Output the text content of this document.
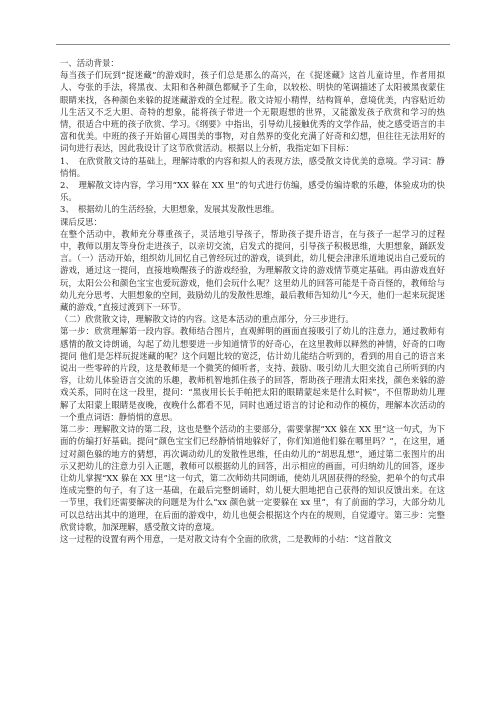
一、活动背景：

每当孩子们玩到“捉迷藏”的游戏时，孩子们总是那么的高兴，在《捉迷藏》这首儿童诗里，作者用拟人、夸张的手法，将黑夜、太阳和各种颜色都赋予了生命，以较松、明快的笔调描述了太阳被黑夜蒙住眼睛来找，各种颜色来躲的捉迷藏游戏的全过程。散文诗短小精悍，结构简单，意境优美，内容贴近幼儿生活又不乏大胆、奇特的想象，能将孩子带进一个无限遐想的世界，又能激发孩子欣赏和学习的热情，很适合中班的孩子欣赏、学习。《纲要》中指出，引导幼儿接触优秀的文学作品，使之感受语言的丰富和优美。中班的孩子开始留心周围美的事物，对自然界的变化充满了好奇和幻想，但往往无法用好的词句进行表达，因此我设计了这节欣赏活动。根据以上分析，我指定如下目标：

1、　在欣赏散文诗的基础上，理解诗歌的内容和拟人的表现方法，感受散文诗优美的意境。学习词：静悄悄。

2、　理解散文诗内容，学习用“XX 躲在 XX 里”的句式进行仿编，感受仿编诗歌的乐趣，体验成功的快乐。

3、　根据幼儿的生活经验，大胆想象，发展其发散性思维。

课后反思：

在整个活动中，教师充分尊重孩子，灵活地引导孩子，帮助孩子提升语言，在与孩子一起学习的过程中，教师以朋友等身份走进孩子，以亲切交流，启发式的提问，引导孩子积极思维，大胆想象，踊跃发言。（一）活动开始，组织幼儿回忆自己曾经玩过的游戏，谈到此，幼儿便会津津乐道地说出自己爱玩的游戏，通过这一提问，直接地唤醒孩子的游戏经验，为理解散文诗的游戏情节奠定基础。再由游戏直好玩，太阳公公和颜色宝宝也爱玩游戏，他们会玩什么呢？这里幼儿的回答可能是千奇百怪的，教师给与幼儿充分思考、大胆想象的空间，鼓励幼儿的发散性思维，最后教师告知幼儿“今天，他们一起来玩捉迷藏的游戏，”直接过渡到下一环节。

（二）欣赏散文诗，理解散文诗的内容。这是本活动的重点部分，分三步进行。

第一步：欣赏理解第一段内容。教师结合图片，直观鲜明的画面直接吸引了幼儿的注意力，通过教师有感情的散文诗朗诵，勾起了幼儿想要进一步知道情节的好奇心，在这里教师以释然的神情，好奇的口吻提问 他们是怎样玩捉迷藏的呢？这个问题比较的宽泛，估计幼儿能结合听到的，看到的用自己的语言来说出一些零碎的片段，这是教师是一个微笑的倾听者，支持、鼓励、吸引幼儿大胆交流自己所听到的内容，让幼儿体验语言交流的乐趣，教师机智地抓住孩子的回答，帮助孩子理清太阳来找，颜色来躲的游戏关系，同时在这一段里，提问：“黑夜用长长手帕把太阳的眼睛蒙起来是什么时候”，不但帮助幼儿理解了太阳蒙上眼睛是夜晚，夜晚什么都看不见，同时也通过语言的讨论和动作的模仿，理解本次活动的一个重点词语：静悄悄的意思。

第二步：理解散文诗的第二段，这也是整个活动的主要部分，需要掌握“XX 躲在 XX 里”这一句式，为下面的仿编打好基础。提问“颜色宝宝们已经静悄悄地躲好了，你们知道他们躲在哪里吗？”，在这里，通过对颜色躲的地方的猜想，再次调动幼儿的发散性思维，任由幼儿的“胡思乱想”，通过第二张图片的出示又把幼儿的注意力引入正题，教师可以根据幼儿的回答，出示相应的画面，可归纳幼儿的回答，逐步让幼儿掌握“XX 躲在 XX 里”这一句式，第二次师幼共同朗诵，使幼儿巩固获得的经验，把单个的句式串连成完整的句子，有了这一基础，在最后完整朗诵时，幼儿便大胆地把自己获得的知识反馈出来。在这一节里，我们还需要解决的问题是为什么“xx 颜色就一定要躲在 xx 里”，有了前面的学习，大部分幼儿可以总结出其中的道理，在后面的游戏中，幼儿也便会根据这个内在的规则，自觉遵守。第三步：完整欣赏诗歌，加深理解，感受散文诗的意境。

这一过程的设置有两个用意，一是对散文诗有个全面的欣赏，二是教师的小结：“这首散文
